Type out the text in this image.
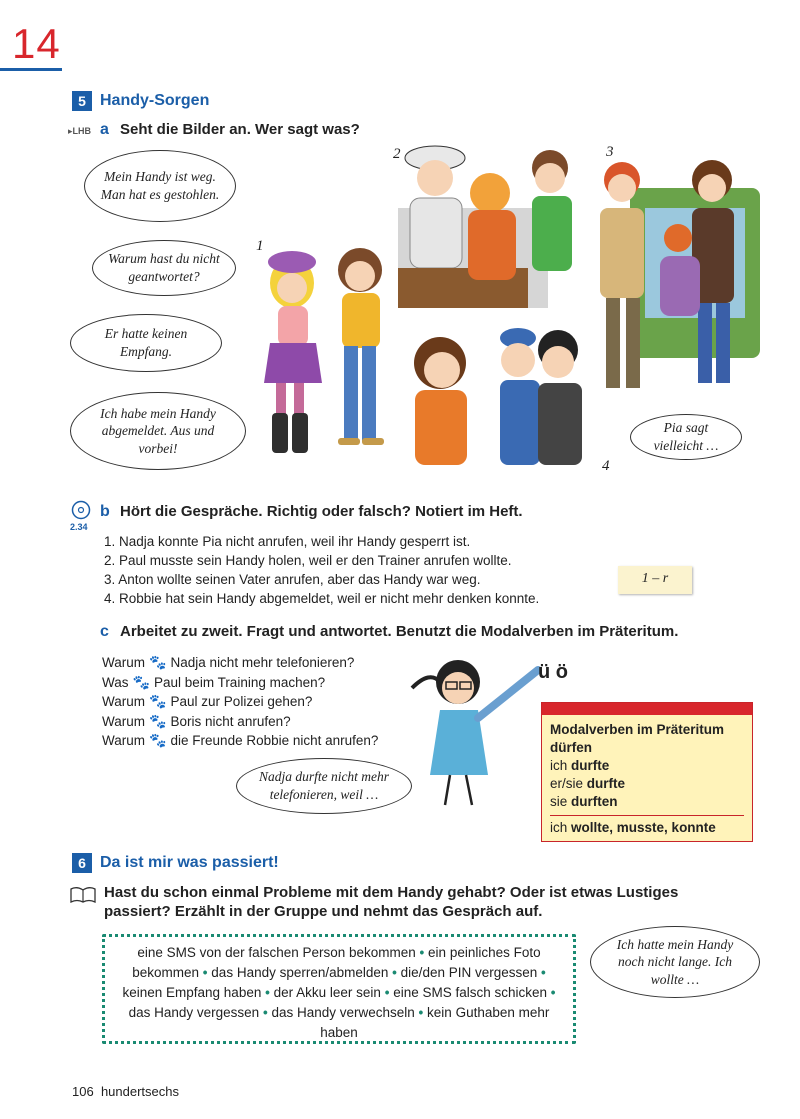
14
5 Handy-Sorgen
▸LHB a Seht die Bilder an. Wer sagt was?
Mein Handy ist weg. Man hat es gestohlen.
Warum hast du nicht geantwortet?
Er hatte keinen Empfang.
Ich habe mein Handy abgemeldet. Aus und vorbei!
2	3
4
1
Pia sagt vielleicht …
2.34
b Hört die Gespräche. Richtig oder falsch? Notiert im Heft.
1. Nadja konnte Pia nicht anrufen, weil ihr Handy gesperrt ist.
2. Paul musste sein Handy holen, weil er den Trainer anrufen wollte.
3. Anton wollte seinen Vater anrufen, aber das Handy war weg.
4. Robbie hat sein Handy abgemeldet, weil er nicht mehr denken konnte.
1 – r
c Arbeitet zu zweit. Fragt und antwortet. Benutzt die Modalverben im Präteritum.
Warum 🐾 Nadja nicht mehr telefonieren?
Was 🐾 Paul beim Training machen?
Warum 🐾 Paul zur Polizei gehen?
Warum 🐾 Boris nicht anrufen?
Warum 🐾 die Freunde Robbie nicht anrufen?
Nadja durfte nicht mehr telefonieren, weil …
ü ö
Modalverben im Präteritum
dürfen
ich durfte
er/sie durfte
sie durften
ich wollte, musste, konnte
6 Da ist mir was passiert!
Hast du schon einmal Probleme mit dem Handy gehabt? Oder ist etwas Lustiges
passiert? Erzählt in der Gruppe und nehmt das Gespräch auf.
eine SMS von der falschen Person bekommen • ein peinliches Foto bekommen • das Handy sperren/abmelden • die/den PIN vergessen • keinen Empfang haben • der Akku leer sein • eine SMS falsch schicken • das Handy vergessen • das Handy verwechseln • kein Guthaben mehr haben
Ich hatte mein Handy noch nicht lange. Ich wollte …
106 hundertsechs
